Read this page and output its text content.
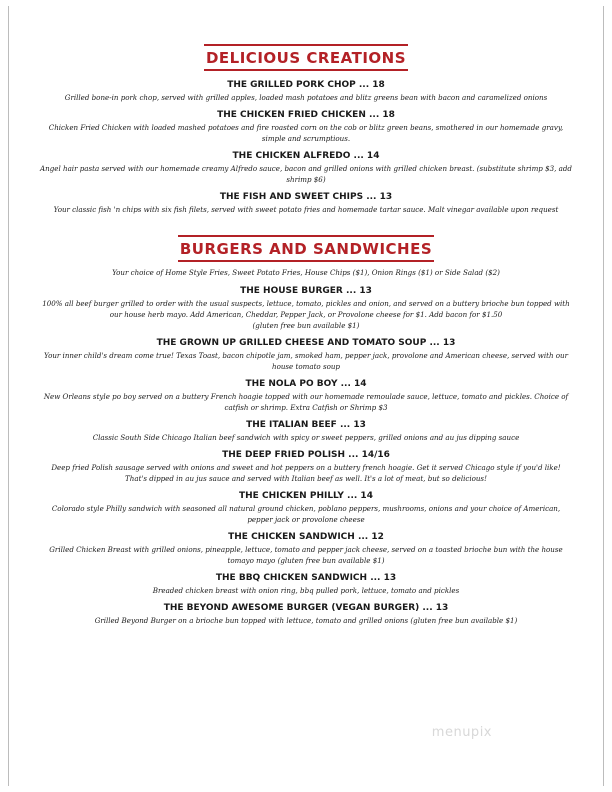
DELICIOUS CREATIONS

THE GRILLED PORK CHOP ... 18

Grilled bone-in pork chop, served with grilled apples, loaded mash potatoes and blitz greens bean with bacon and caramelized onions

THE CHICKEN FRIED CHICKEN ... 18

Chicken Fried Chicken with loaded mashed potatoes and fire roasted corn on the cob or blitz green beans, smothered in our homemade gravy, simple and scrumptious.

THE CHICKEN ALFREDO ... 14

Angel hair pasta served with our homemade creamy Alfredo sauce, bacon and grilled onions with grilled chicken breast. (substitute shrimp $3, add shrimp $6)

THE FISH AND SWEET CHIPS ... 13

Your classic fish 'n chips with six fish filets, served with sweet potato fries and homemade tartar sauce. Malt vinegar available upon request

BURGERS AND SANDWICHES

Your choice of Home Style Fries, Sweet Potato Fries, House Chips ($1), Onion Rings ($1) or Side Salad ($2)

THE HOUSE BURGER ... 13

100% all beef burger grilled to order with the usual suspects, lettuce, tomato, pickles and onion, and served on a buttery brioche bun topped with our house herb mayo. Add American, Cheddar, Pepper Jack, or Provolone cheese for $1. Add bacon for $1.50

(gluten free bun available $1)

THE GROWN UP GRILLED CHEESE AND TOMATO SOUP ... 13

Your inner child's dream come true! Texas Toast, bacon chipotle jam, smoked ham, pepper jack, provolone and American cheese, served with our house tomato soup

THE NOLA PO BOY ... 14

New Orleans style po boy served on a buttery French hoagie topped with our homemade remoulade sauce, lettuce, tomato and pickles. Choice of catfish or shrimp. Extra Catfish or Shrimp $3

THE ITALIAN BEEF ... 13

Classic South Side Chicago Italian beef sandwich with spicy or sweet peppers, grilled onions and au jus dipping sauce

THE DEEP FRIED POLISH ... 14/16

Deep fried Polish sausage served with onions and sweet and hot peppers on a buttery french hoagie. Get it served Chicago style if you'd like! That's dipped in au jus sauce and served with Italian beef as well. It's a lot of meat, but so delicious!

THE CHICKEN PHILLY ... 14

Colorado style Philly sandwich with seasoned all natural ground chicken, poblano peppers, mushrooms, onions and your choice of American, pepper jack or provolone cheese

THE CHICKEN SANDWICH ... 12

Grilled Chicken Breast with grilled onions, pineapple, lettuce, tomato and pepper jack cheese, served on a toasted brioche bun with the house tomayo mayo (gluten free bun available $1)

THE BBQ CHICKEN SANDWICH ... 13

Breaded chicken breast with onion ring, bbq pulled pork, lettuce, tomato and pickles

THE BEYOND AWESOME BURGER (VEGAN BURGER) ... 13

Grilled Beyond Burger on a brioche bun topped with lettuce, tomato and grilled onions (gluten free bun available $1)

menupix
